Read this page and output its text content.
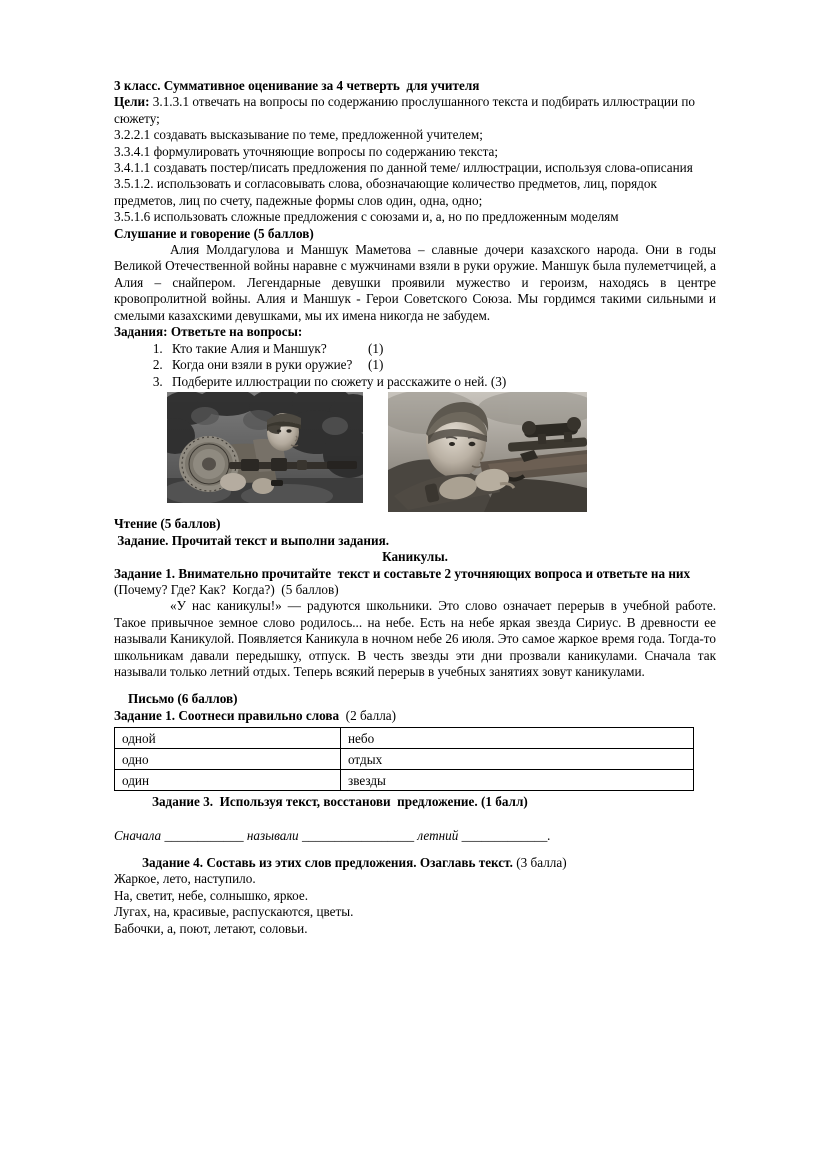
3 класс. Суммативное оценивание за 4 четверть  для учителя

Цели: 3.1.3.1 отвечать на вопросы по содержанию прослушанного текста и подбирать иллюстрации по сюжету;

3.2.2.1 создавать высказывание по теме, предложенной учителем;

3.3.4.1 формулировать уточняющие вопросы по содержанию текста;

3.4.1.1 создавать постер/писать предложения по данной теме/ иллюстрации, используя слова-описания

3.5.1.2. использовать и согласовывать слова, обозначающие количество предметов, лиц, порядок предметов, лиц по счету, падежные формы слов один, одна, одно;

3.5.1.6 использовать сложные предложения с союзами и, а, но по предложенным моделям

Слушание и говорение (5 баллов)

Алия Молдагулова и Маншук Маметова – славные дочери казахского народа. Они в годы Великой Отечественной войны наравне с мужчинами взяли в руки оружие. Маншук была пулеметчицей, а Алия – снайпером. Легендарные девушки проявили мужество и героизм, находясь в центре кровопролитной войны. Алия и Маншук - Герои Советского Союза. Мы гордимся такими сильными и смелыми казахскими девушками, мы их имена никогда не забудем.

Задания: Ответьте на вопросы:

1. Кто такие Алия и Маншук?	(1)
2. Когда они взяли в руки оружие? (1)
3. Подберите иллюстрации по сюжету и расскажите о ней. (3)

Чтение (5 баллов)

Задание. Прочитай текст и выполни задания.

Каникулы.

Задание 1. Внимательно прочитайте  текст и составьте 2 уточняющих вопроса и ответьте на них (Почему? Где? Как?  Когда?)  (5 баллов)

«У нас каникулы!» — радуются школьники. Это слово означает перерыв в учебной работе. Такое привычное земное слово родилось... на небе. Есть на небе яркая звезда Сириус. В древности ее называли Каникулой. Появляется Каникула в ночном небе 26 июля. Это самое жаркое время года. Тогда-то школьникам давали передышку, отпуск. В честь звезды эти дни прозвали каникулами. Сначала так называли только летний отдых. Теперь всякий перерыв в учебных занятиях зовут каникулами.

Письмо (6 баллов)

Задание 1. Соотнеси правильно слова  (2 балла)

одной	небо
одно	отдых
один	звезды

Задание 3.  Используя текст, восстанови  предложение. (1 балл)

Сначала ____________ называли _________________ летний _____________.

Задание 4. Составь из этих слов предложения. Озаглавь текст. (3 балла)

Жаркое, лето, наступило.

На, светит, небе, солнышко, яркое.

Лугах, на, красивые, распускаются, цветы.

Бабочки, а, поют, летают, соловьи.
